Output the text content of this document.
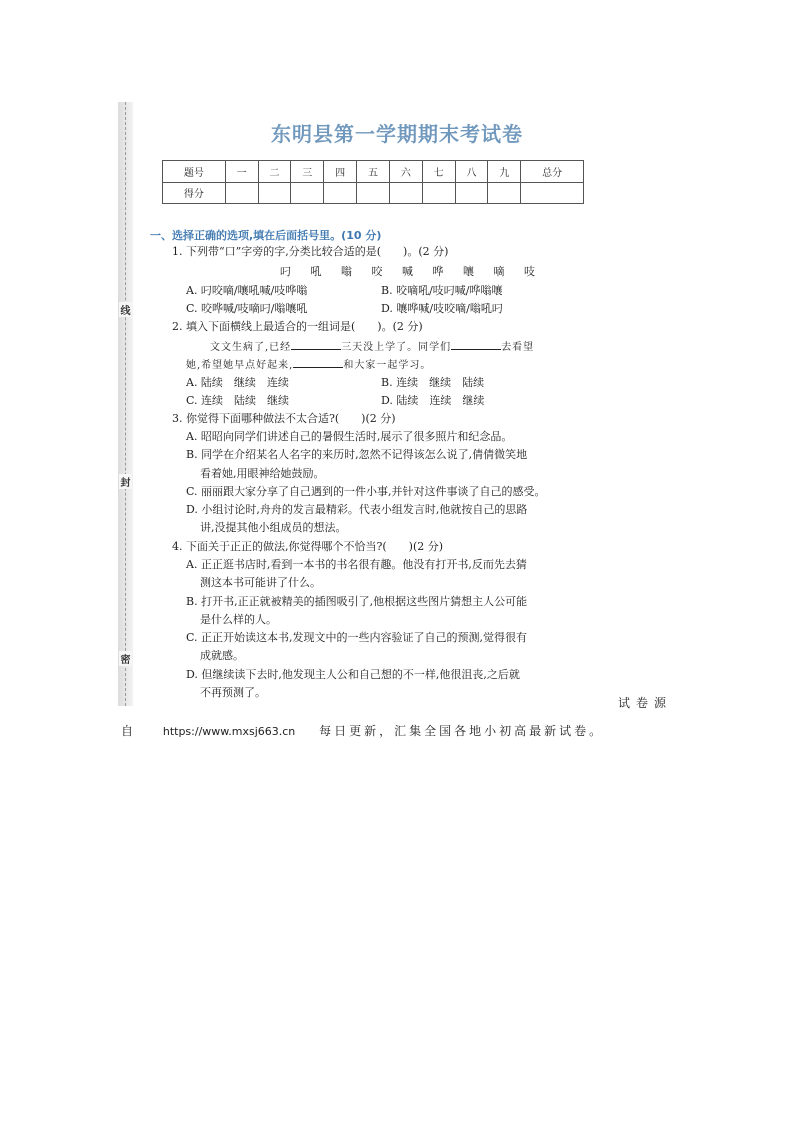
线
封
密
东明县第一学期期末考试卷
题号	一	二	三	四	五	六	七	八	九	总分
得分										
一、选择正确的选项,填在后面括号里。(10 分)
1. 下列带“口”字旁的字,分类比较合适的是(　　)。(2 分)
叼 吼 嗡 咬 喊 哗 嚷 嘀 吱
A. 叼咬嘀/嚷吼喊/吱哗嗡	B. 咬嘀吼/吱叼喊/哗嗡嚷
C. 咬哗喊/吱嘀叼/嗡嚷吼	D. 嚷哗喊/吱咬嘀/嗡吼叼
2. 填入下面横线上最适合的一组词是(　　)。(2 分)
文文生病了,已经	三天没上学了。同学们	去看望
她,希望她早点好起来,	和大家一起学习。
A. 陆续　继续　连续	B. 连续　继续　陆续
C. 连续　陆续　继续	D. 陆续　连续　继续
3. 你觉得下面哪种做法不太合适?(　　)(2 分)
A. 昭昭向同学们讲述自己的暑假生活时,展示了很多照片和纪念品。
B. 同学在介绍某名人名字的来历时,忽然不记得该怎么说了,倩倩微笑地
看着她,用眼神给她鼓励。
C. 丽丽跟大家分享了自己遇到的一件小事,并针对这件事谈了自己的感受。
D. 小组讨论时,舟舟的发言最精彩。代表小组发言时,他就按自己的思路
讲,没提其他小组成员的想法。
4. 下面关于正正的做法,你觉得哪个不恰当?(　　)(2 分)
A. 正正逛书店时,看到一本书的书名很有趣。他没有打开书,反而先去猜
测这本书可能讲了什么。
B. 打开书,正正就被精美的插图吸引了,他根据这些图片猜想主人公可能
是什么样的人。
C. 正正开始读这本书,发现文中的一些内容验证了自己的预测,觉得很有
成就感。
D. 但继续读下去时,他发现主人公和自己想的不一样,他很沮丧,之后就
不再预测了。
试卷源
自	https://www.mxsj663.cn 每日更新，汇集全国各地小初高最新试卷。
